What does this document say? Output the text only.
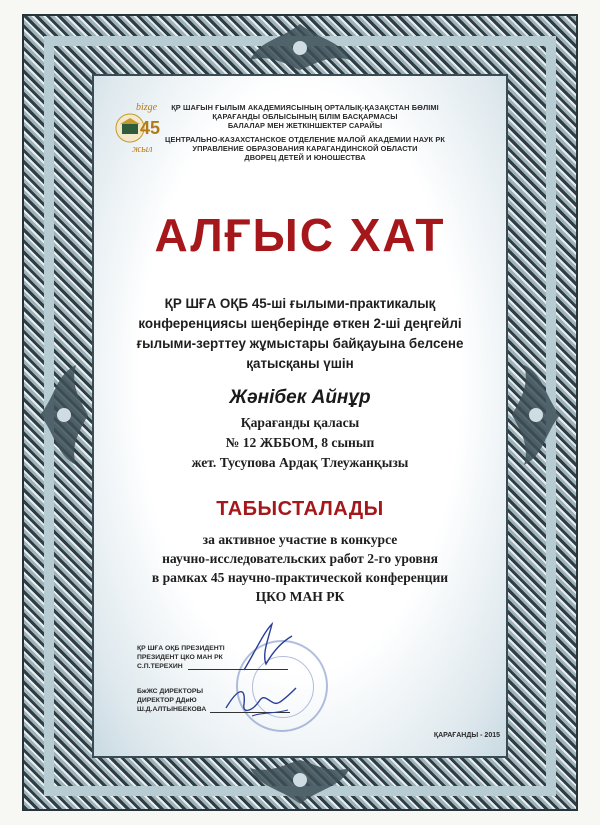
bizge
45
жыл
ҚР ШАҒЫН ҒЫЛЫМ АКАДЕМИЯСЫНЫҢ ОРТАЛЫҚ-ҚАЗАҚСТАН БӨЛІМІ
ҚАРАҒАНДЫ ОБЛЫСЫНЫҢ БІЛІМ БАСҚАРМАСЫ
БАЛАЛАР МЕН ЖЕТКІНШЕКТЕР САРАЙЫ
ЦЕНТРАЛЬНО-КАЗАХСТАНСКОЕ ОТДЕЛЕНИЕ МАЛОЙ АКАДЕМИИ НАУК РК
УПРАВЛЕНИЕ ОБРАЗОВАНИЯ КАРАГАНДИНСКОЙ ОБЛАСТИ
ДВОРЕЦ ДЕТЕЙ И ЮНОШЕСТВА
АЛҒЫС ХАТ
ҚР ШҒА ОҚБ 45-ші ғылыми-практикалық
конференциясы шеңберінде өткен 2-ші деңгейлі
ғылыми-зерттеу жұмыстары байқауына белсене
қатысқаны үшін
Жәнібек Айнұр
Қарағанды қаласы
№ 12 ЖББОМ, 8 сынып
жет. Тусупова Ардақ Тлеужанқызы
ТАБЫСТАЛАДЫ
за активное участие в конкурсе
научно-исследовательских работ 2-го уровня
в рамках 45 научно-практической конференции
ЦКО МАН РК
ҚР ШҒА ОҚБ ПРЕЗИДЕНТІ
ПРЕЗИДЕНТ ЦКО МАН РК
С.П.ТЕРЕХИН
БжЖС ДИРЕКТОРЫ
ДИРЕКТОР ДДиЮ
Ш.Д.АЛТЫНБЕКОВА
ҚАРАҒАНДЫ - 2015
